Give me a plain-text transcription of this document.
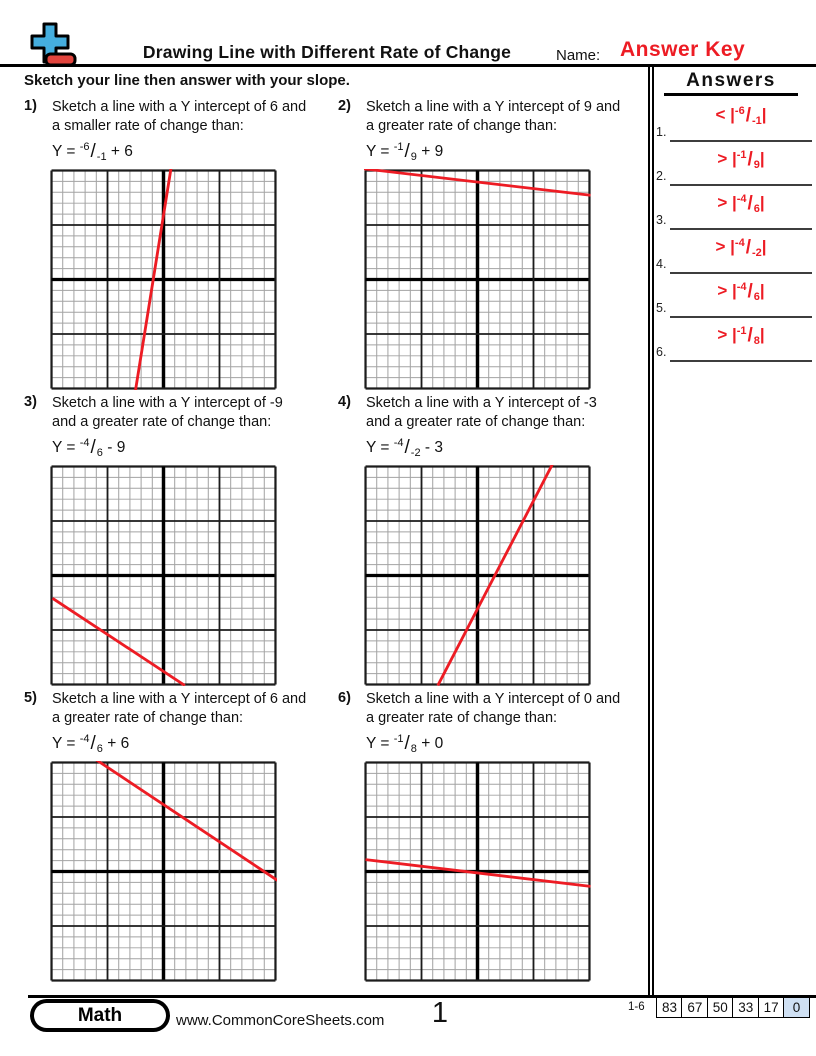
Drawing Line with Different Rate of Change	Name: Answer Key
Sketch your line then answer with your slope.	Answers
1.
< $|^{-6}/_{-1}|$
2.
> $|^{-1}/_9|$
3.
> $|^{-4}/_6|$
4.
> $|^{-4}/_{-2}|$
5.
> $|^{-4}/_6|$
6.
> $|^{-1}/_8|$
1) Sketch a line with a Y intercept of 6 and
a smaller rate of change than:
$Y = ^{-6}/_{-1} + 6$
2) Sketch a line with a Y intercept of 9 and
a greater rate of change than:
$Y = ^{-1}/_9 + 9$
3) Sketch a line with a Y intercept of -9
and a greater rate of change than:
$Y = ^{-4}/_6 - 9$
4) Sketch a line with a Y intercept of -3
and a greater rate of change than:
$Y = ^{-4}/_{-2} - 3$
5) Sketch a line with a Y intercept of 6 and
a greater rate of change than:
$Y = ^{-4}/_6 + 6$
6) Sketch a line with a Y intercept of 0 and
a greater rate of change than:
$Y = ^{-1}/_8 + 0$
Math	www.CommonCoreSheets.com	1	1-6	83 67 50 33 17	0
